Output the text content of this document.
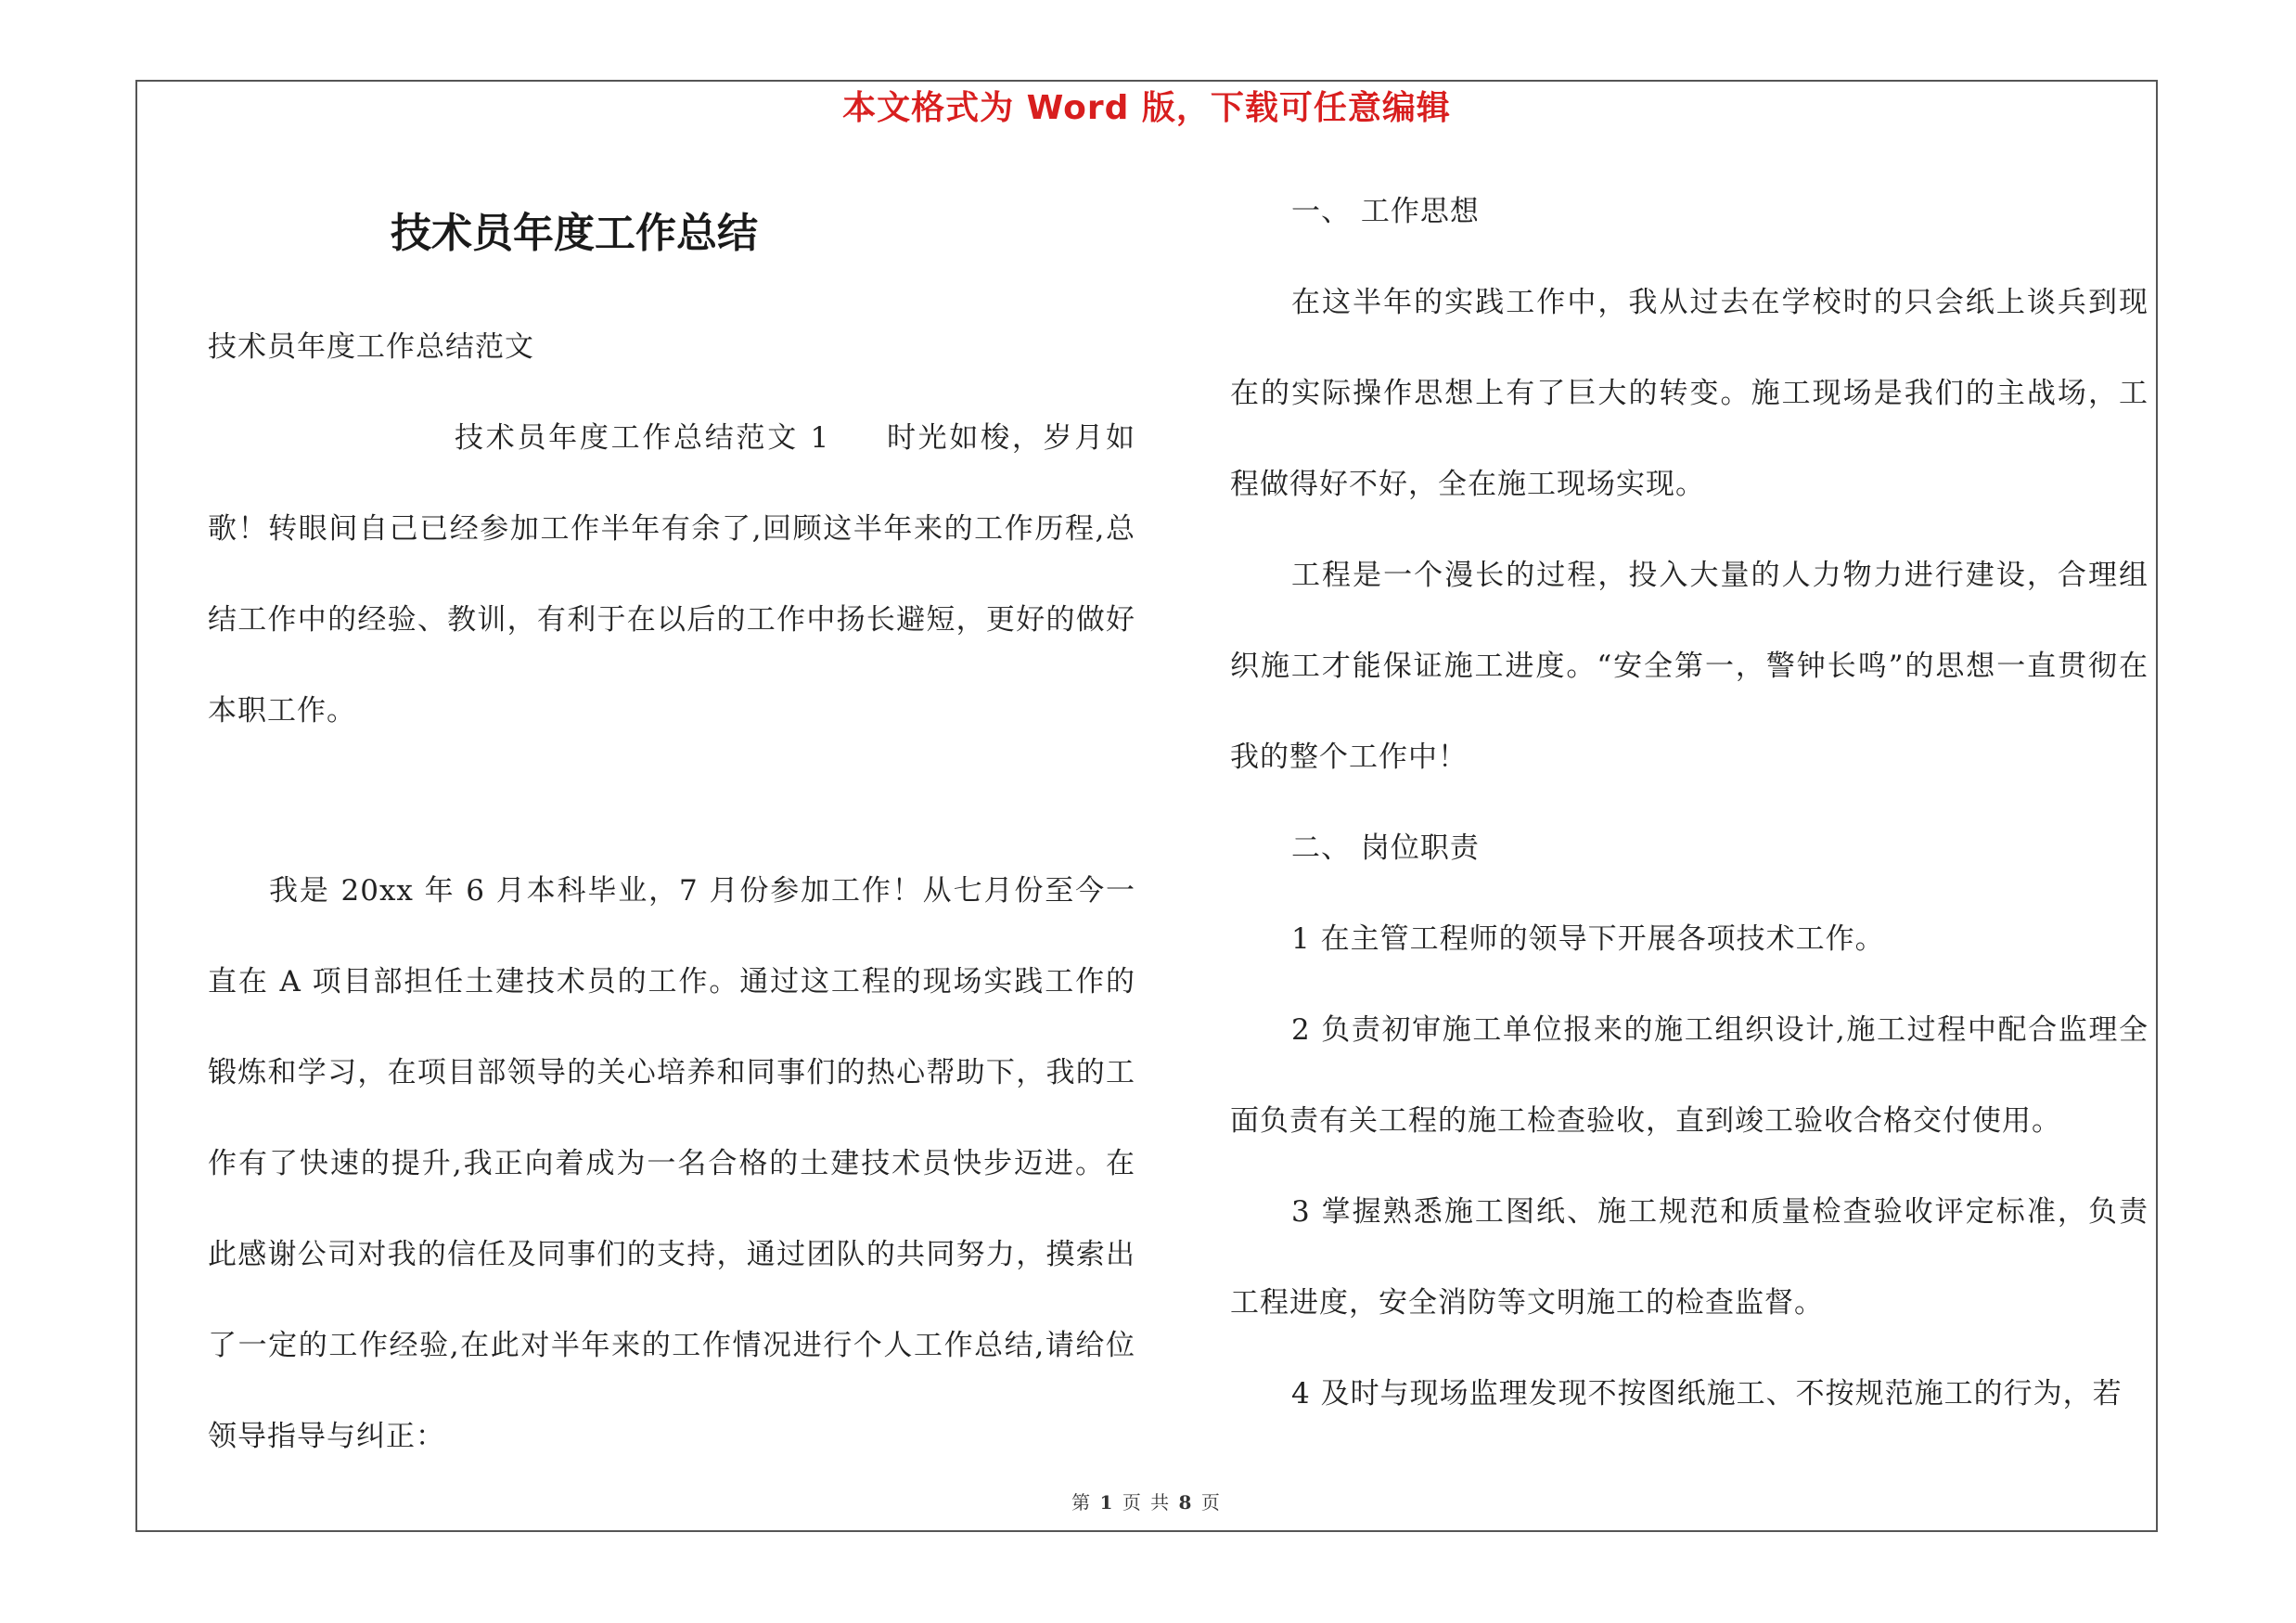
本文格式为 Word 版，下载可任意编辑
技术员年度工作总结

技术员年度工作总结范文

技术员年度工作总结范文 1 时光如梭，岁月如歌！转眼间自己已经参加工作半年有余了,回顾这半年来的工作历程,总结工作中的经验、教训，有利于在以后的工作中扬长避短，更好的做好本职工作。

我是 20xx 年 6 月本科毕业，7 月份参加工作！从七月份至今一直在 A 项目部担任土建技术员的工作。通过这工程的现场实践工作的锻炼和学习，在项目部领导的关心培养和同事们的热心帮助下，我的工作有了快速的提升,我正向着成为一名合格的土建技术员快步迈进。在此感谢公司对我的信任及同事们的支持，通过团队的共同努力，摸索出了一定的工作经验,在此对半年来的工作情况进行个人工作总结,请给位领导指导与纠正：

一、 工作思想

在这半年的实践工作中，我从过去在学校时的只会纸上谈兵到现在的实际操作思想上有了巨大的转变。施工现场是我们的主战场，工程做得好不好，全在施工现场实现。

工程是一个漫长的过程，投入大量的人力物力进行建设，合理组织施工才能保证施工进度。“安全第一，警钟长鸣”的思想一直贯彻在我的整个工作中！

二、 岗位职责

1 在主管工程师的领导下开展各项技术工作。

2 负责初审施工单位报来的施工组织设计,施工过程中配合监理全面负责有关工程的施工检查验收，直到竣工验收合格交付使用。

3 掌握熟悉施工图纸、施工规范和质量检查验收评定标准，负责工程进度，安全消防等文明施工的检查监督。

4 及时与现场监理发现不按图纸施工、不按规范施工的行为，若

第 1 页 共 8 页
